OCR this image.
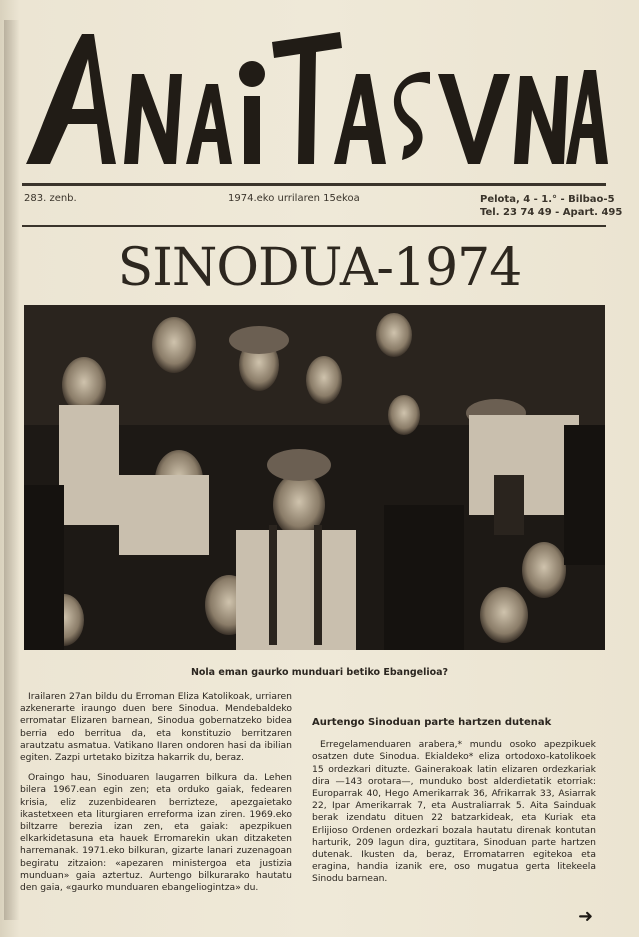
283. zenb.	1974.eko urrilaren 15ekoa	Pelota, 4 - 1.° - Bilbao-5
Tel. 23 74 49 - Apart. 495
SINODUA-1974
Nola eman gaurko munduari betiko Ebangelioa?

Irailaren 27an bildu du Erroman Eliza Katolikoak, urriaren azkenerarte iraungo duen bere Sinodua. Mendebaldeko erromatar Elizaren barnean, Sinodua gobernatzeko bidea berria edo berritua da, eta konstituzio berritzaren arautzatu asmatua. Vatikano IIaren ondoren hasi da ibilian egiten. Zazpi urtetako bizitza hakarrik du, beraz.

Oraingo hau, Sinoduaren laugarren bilkura da. Lehen bilera 1967.ean egin zen; eta orduko gaiak, fedearen krisia, eliz zuzenbidearen berrizteze, apezgaietako ikastetxeen eta liturgiaren erreforma izan ziren. 1969.eko biltzarre berezia izan zen, eta gaiak: apezpikuen elkarkidetasuna eta hauek Erromarekin ukan ditzaketen harremanak. 1971.eko bilkuran, gizarte lanari zuzenagoan begiratu zitzaion: «apezaren ministergoa eta justizia munduan» gaia aztertuz. Aurtengo bilkurarako hautatu den gaia, «gaurko munduaren ebangeliogintza» du.

Aurtengo Sinoduan parte hartzen dutenak

Erregelamenduaren arabera,* mundu osoko apezpikuek osatzen dute Sinodua. Ekialdeko* eliza ortodoxo-katolikoek 15 ordezkari dituzte. Gainerakoak latin elizaren ordezkariak dira —143 orotara—, munduko bost alderdietatik etorriak: Europarrak 40, Hego Amerikarrak 36, Afrikarrak 33, Asiarrak 22, Ipar Amerikarrak 7, eta Australiarrak 5. Aita Sainduak berak izendatu dituen 22 batzarkideak, eta Kuriak eta Erlijioso Ordenen ordezkari bozala hautatu direnak kontutan harturik, 209 lagun dira, guztitara, Sinoduan parte hartzen dutenak. Ikusten da, beraz, Erromatarren egitekoa eta eragina, handia izanik ere, oso mugatua gerta litekeela Sinodu barnean.

➜
